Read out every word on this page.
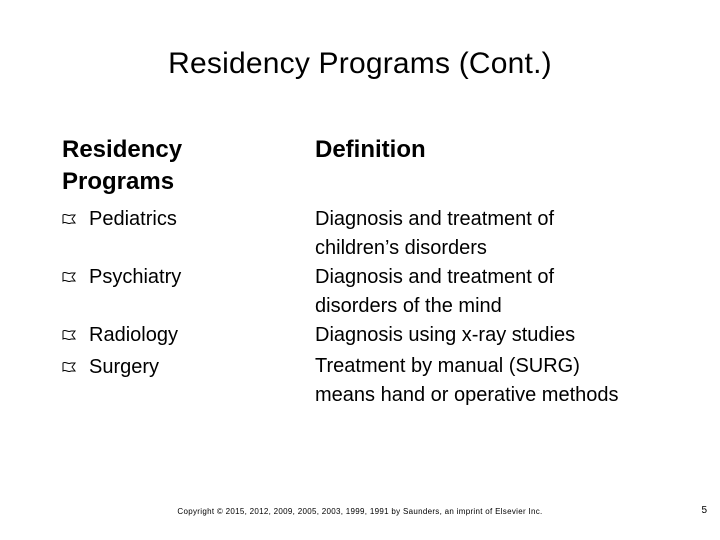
Residency Programs (Cont.)
Residency
Programs
Pediatrics
Psychiatry
Radiology
Surgery
Definition
Diagnosis and treatment of
children’s disorders
Diagnosis and treatment of
disorders of the mind
Diagnosis using x-ray studies
Treatment by manual (SURG)
means hand or operative methods
Copyright © 2015, 2012, 2009, 2005, 2003, 1999, 1991 by Saunders, an imprint of Elsevier Inc.	5
